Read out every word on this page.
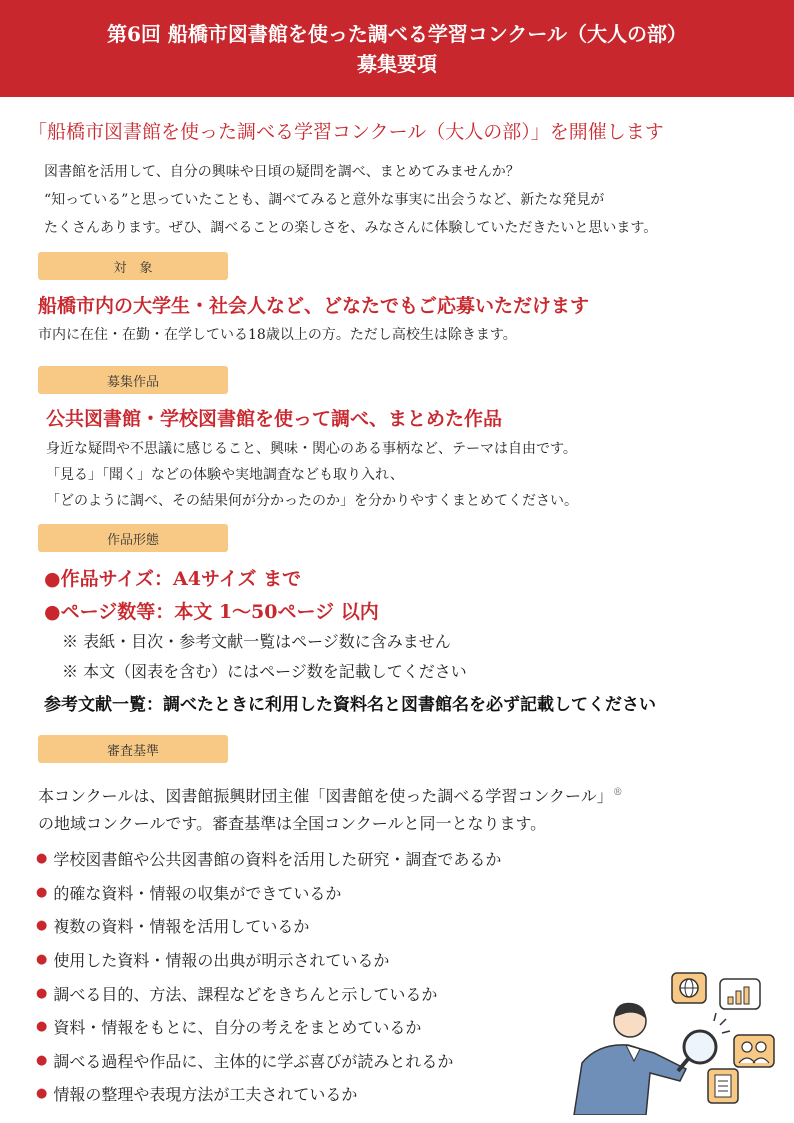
第6回 船橋市図書館を使った調べる学習コンクール（大人の部）
募集要項
「船橋市図書館を使った調べる学習コンクール（大人の部）」を開催します
図書館を活用して、自分の興味や日頃の疑問を調べ、まとめてみませんか？
“知っている”と思っていたことも、調べてみると意外な事実に出会うなど、新たな発見が
たくさんあります。ぜひ、調べることの楽しさを、みなさんに体験していただきたいと思います。
対　象
船橋市内の大学生・社会人など、どなたでもご応募いただけます
市内に在住・在勤・在学している18歳以上の方。ただし高校生は除きます。
募集作品
公共図書館・学校図書館を使って調べ、まとめた作品
身近な疑問や不思議に感じること、興味・関心のある事柄など、テーマは自由です。
「見る」「聞く」などの体験や実地調査なども取り入れ、
「どのように調べ、その結果何が分かったのか」を分かりやすくまとめてください。
作品形態
●作品サイズ：A4サイズ まで
●ページ数等：本文 1～50ページ 以内
※ 表紙・目次・参考文献一覧はページ数に含みません
※ 本文（図表を含む）にはページ数を記載してください
参考文献一覧：調べたときに利用した資料名と図書館名を必ず記載してください
審査基準
本コンクールは、図書館振興財団主催「図書館を使った調べる学習コンクール」®
の地域コンクールです。審査基準は全国コンクールと同一となります。
● 学校図書館や公共図書館の資料を活用した研究・調査であるか
● 的確な資料・情報の収集ができているか
● 複数の資料・情報を活用しているか
● 使用した資料・情報の出典が明示されているか
● 調べる目的、方法、課程などをきちんと示しているか
● 資料・情報をもとに、自分の考えをまとめているか
● 調べる過程や作品に、主体的に学ぶ喜びが読みとれるか
● 情報の整理や表現方法が工夫されているか
